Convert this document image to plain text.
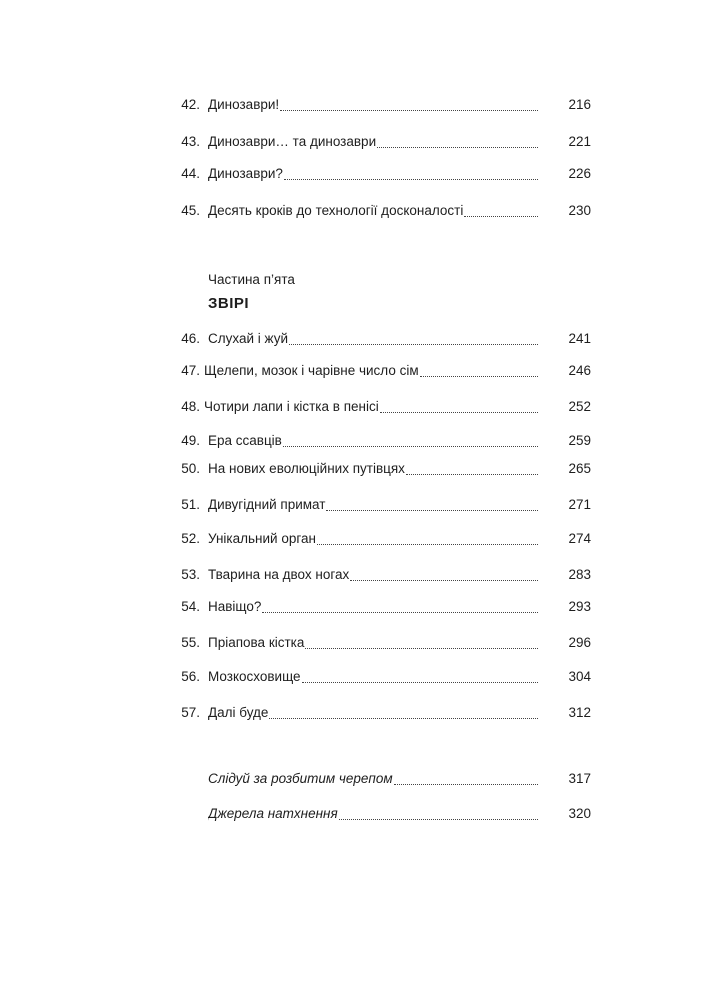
42. Динозаври!	216
43. Динозаври… та динозаври	221
44. Динозаври?	226
45. Десять кроків до технології досконалості	230
Частина п’ята
ЗВІРІ
46. Слухай і жуй	241
47. Щелепи, мозок і чарівне число сім	246
48. Чотири лапи і кістка в пенісі	252
49. Ера ссавців	259
50. На нових еволюційних путівцях	265
51. Дивугідний примат	271
52. Унікальний орган	274
53. Тварина на двох ногах	283
54. Навіщо?	293
55. Пріапова кістка	296
56. Мозкосховище	304
57. Далі буде	312
Слідуй за розбитим черепом	317
Джерела натхнення	320
